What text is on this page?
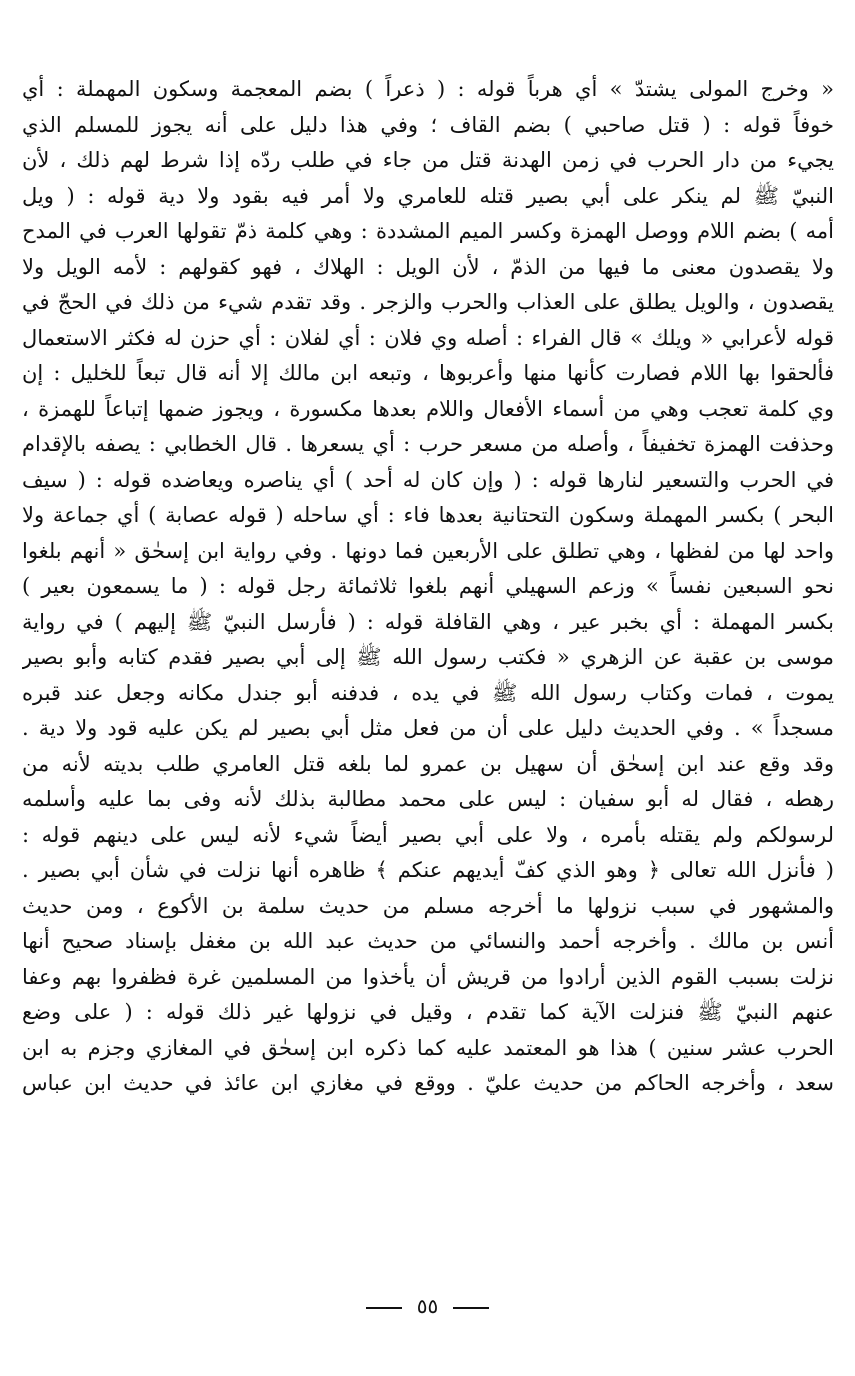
« وخرج المولى يشتدّ » أي هرباً قوله : ( ذعراً ) بضم المعجمة وسكون المهملة : أي
خوفاً قوله : ( قتل صاحبي ) بضم القاف ؛ وفي هذا دليل على أنه يجوز للمسلم الذي
يجيء من دار الحرب في زمن الهدنة قتل من جاء في طلب ردّه إذا شرط لهم ذلك ، لأن
النبيّ ﷺ لم ينكر على أبي بصير قتله للعامري ولا أمر فيه بقود ولا دية قوله : ( ويل
أمه ) بضم اللام ووصل الهمزة وكسر الميم المشددة : وهي كلمة ذمّ تقولها العرب في المدح
ولا يقصدون معنى ما فيها من الذمّ ، لأن الويل : الهلاك ، فهو كقولهم : لأمه الويل ولا
يقصدون ، والويل يطلق على العذاب والحرب والزجر . وقد تقدم شيء من ذلك في الحجّ في
قوله لأعرابي « ويلك » قال الفراء : أصله وي فلان : أي لفلان : أي حزن له فكثر الاستعمال
فألحقوا بها اللام فصارت كأنها منها وأعربوها ، وتبعه ابن مالك إلا أنه قال تبعاً للخليل : إن
وي كلمة تعجب وهي من أسماء الأفعال واللام بعدها مكسورة ، ويجوز ضمها إتباعاً للهمزة ،
وحذفت الهمزة تخفيفاً ، وأصله من مسعر حرب : أي يسعرها . قال الخطابي : يصفه بالإقدام
في الحرب والتسعير لنارها قوله : ( وإن كان له أحد ) أي يناصره ويعاضده قوله : ( سيف
البحر ) بكسر المهملة وسكون التحتانية بعدها فاء : أي ساحله ( قوله عصابة ) أي جماعة ولا
واحد لها من لفظها ، وهي تطلق على الأربعين فما دونها . وفي رواية ابن إسحٰق « أنهم بلغوا
نحو السبعين نفساً » وزعم السهيلي أنهم بلغوا ثلاثمائة رجل قوله : ( ما يسمعون بعير )
بكسر المهملة : أي بخبر عير ، وهي القافلة قوله : ( فأرسل النبيّ ﷺ إليهم ) في رواية
موسى بن عقبة عن الزهري « فكتب رسول الله ﷺ إلى أبي بصير فقدم كتابه وأبو بصير
يموت ، فمات وكتاب رسول الله ﷺ في يده ، فدفنه أبو جندل مكانه وجعل عند قبره
مسجداً » . وفي الحديث دليل على أن من فعل مثل أبي بصير لم يكن عليه قود ولا دية .
وقد وقع عند ابن إسحٰق أن سهيل بن عمرو لما بلغه قتل العامري طلب بديته لأنه من
رهطه ، فقال له أبو سفيان : ليس على محمد مطالبة بذلك لأنه وفى بما عليه وأسلمه
لرسولكم ولم يقتله بأمره ، ولا على أبي بصير أيضاً شيء لأنه ليس على دينهم قوله :
( فأنزل الله تعالى ﴿ وهو الذي كفّ أيديهم عنكم ﴾ ظاهره أنها نزلت في شأن أبي بصير .
والمشهور في سبب نزولها ما أخرجه مسلم من حديث سلمة بن الأكوع ، ومن حديث
أنس بن مالك . وأخرجه أحمد والنسائي من حديث عبد الله بن مغفل بإسناد صحيح أنها
نزلت بسبب القوم الذين أرادوا من قريش أن يأخذوا من المسلمين غرة فظفروا بهم وعفا
عنهم النبيّ ﷺ فنزلت الآية كما تقدم ، وقيل في نزولها غير ذلك قوله : ( على وضع
الحرب عشر سنين ) هذا هو المعتمد عليه كما ذكره ابن إسحٰق في المغازي وجزم به ابن
سعد ، وأخرجه الحاكم من حديث عليّ . ووقع في مغازي ابن عائذ في حديث ابن عباس
٥٥
